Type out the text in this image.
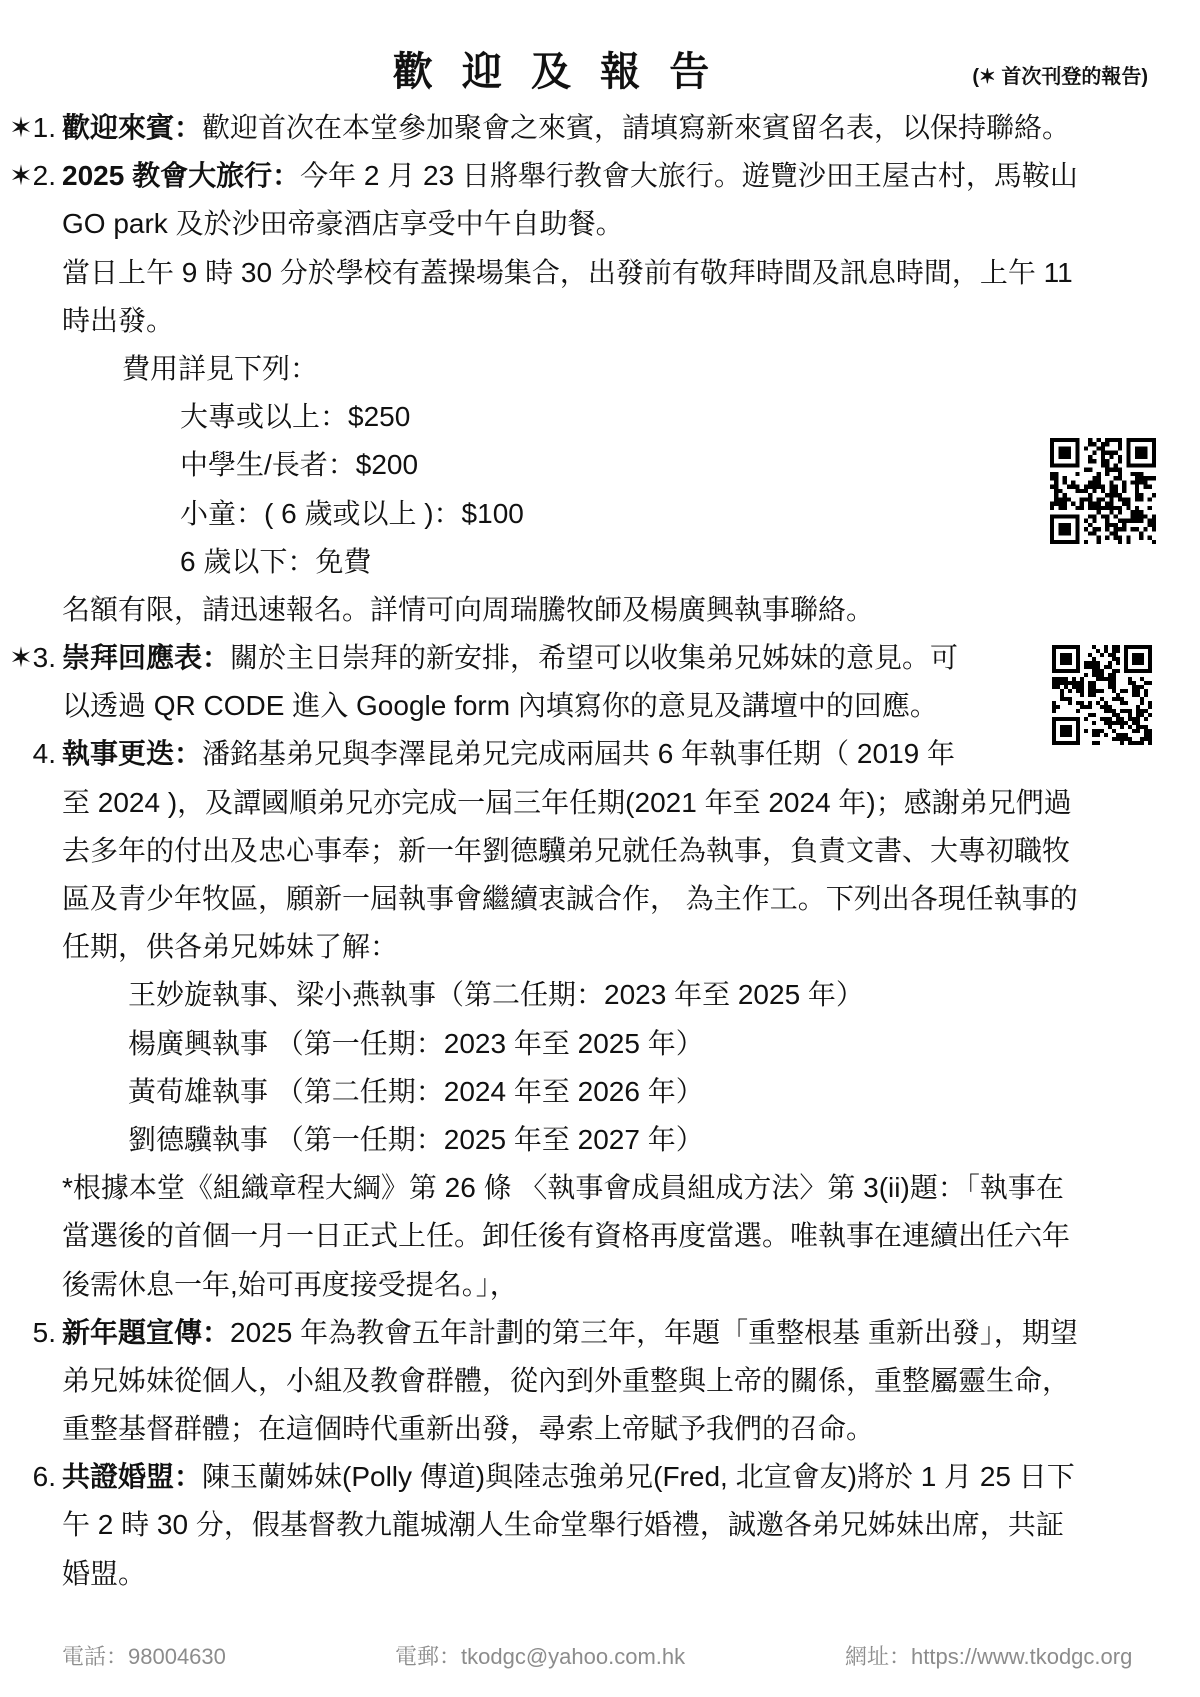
歡 迎 及 報 告	(✶ 首次刊登的報告)
✶1. 歡迎來賓：歡迎首次在本堂參加聚會之來賓，請填寫新來賓留名表，以保持聯絡。
✶2. 2025 教會大旅行：今年 2 月 23 日將舉行教會大旅行。遊覽沙田王屋古村，馬鞍山
GO park 及於沙田帝豪酒店享受中午自助餐。
當日上午 9 時 30 分於學校有蓋操場集合，出發前有敬拜時間及訊息時間，上午 11
時出發。
費用詳見下列：
大專或以上：$250
中學生/長者：$200
小童：( 6 歲或以上 )：$100
6 歲以下：免費
名額有限，請迅速報名。詳情可向周瑞騰牧師及楊廣興執事聯絡。
✶3. 崇拜回應表：關於主日崇拜的新安排，希望可以收集弟兄姊妹的意見。可
以透過 QR CODE 進入 Google form 內填寫你的意見及講壇中的回應。
4. 執事更迭：潘銘基弟兄與李澤昆弟兄完成兩屆共 6 年執事任期（ 2019 年
至 2024 )，及譚國順弟兄亦完成一屆三年任期(2021 年至 2024 年)；感謝弟兄們過
去多年的付出及忠心事奉；新一年劉德驥弟兄就任為執事，負責文書、大專初職牧
區及青少年牧區，願新一屆執事會繼續衷誠合作， 為主作工。下列出各現任執事的
任期，供各弟兄姊妹了解：
王妙旋執事、梁小燕執事（第二任期：2023 年至 2025 年）
楊廣興執事 （第一任期：2023 年至 2025 年）
黃荀雄執事 （第二任期：2024 年至 2026 年）
劉德驥執事 （第一任期：2025 年至 2027 年）
*根據本堂《組織章程大綱》第 26 條 〈執事會成員組成方法〉第 3(ii)題：「執事在
當選後的首個一月一日正式上任。卸任後有資格再度當選。唯執事在連續出任六年
後需休息一年,始可再度接受提名。」，
5. 新年題宣傳：2025 年為教會五年計劃的第三年，年題「重整根基 重新出發」，期望
弟兄姊妹從個人，小組及教會群體，從內到外重整與上帝的關係，重整屬靈生命，
重整基督群體；在這個時代重新出發，尋索上帝賦予我們的召命。
6. 共證婚盟：陳玉蘭姊妹(Polly 傳道)與陸志強弟兄(Fred, 北宣會友)將於 1 月 25 日下
午 2 時 30 分，假基督教九龍城潮人生命堂舉行婚禮，誠邀各弟兄姊妹出席，共証
婚盟。
電話：98004630	電郵：tkodgc@yahoo.com.hk	網址：https://www.tkodgc.org
